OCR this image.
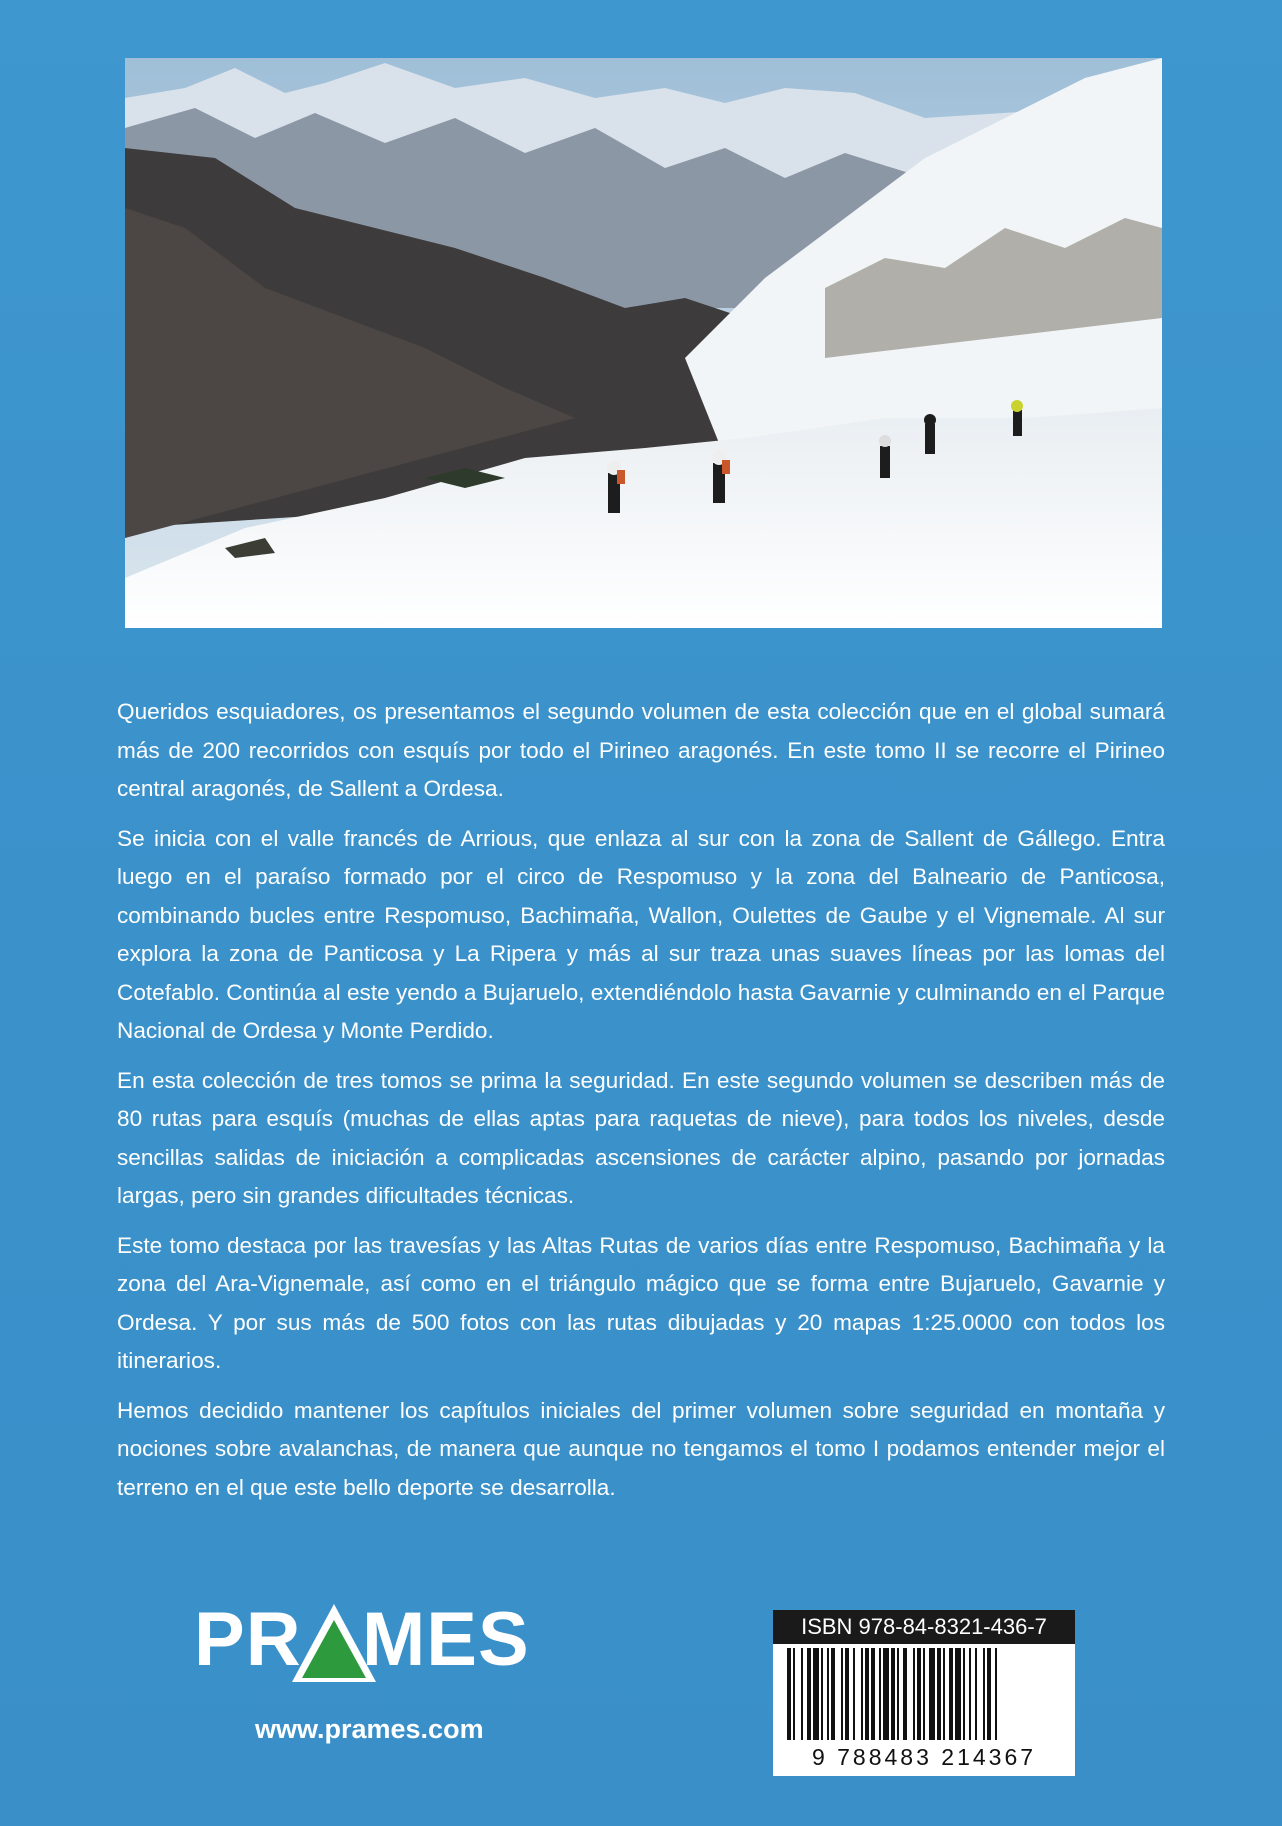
Queridos esquiadores, os presentamos el segundo volumen de esta colección que en el global sumará más de 200 recorridos con esquís por todo el Pirineo aragonés. En este tomo II se recorre el Pirineo central aragonés, de Sallent a Ordesa.

Se inicia con el valle francés de Arrious, que enlaza al sur con la zona de Sallent de Gállego. Entra luego en el paraíso formado por el circo de Respomuso y la zona del Balneario de Panticosa, combinando bucles entre Respomuso, Bachimaña, Wallon, Oulettes de Gaube y el Vignemale. Al sur explora la zona de Panticosa y La Ripera y más al sur traza unas suaves líneas por las lomas del Cotefablo. Continúa al este yendo a Bujaruelo, extendiéndolo hasta Gavarnie y culminando en el Parque Nacional de Ordesa y Monte Perdido.

En esta colección de tres tomos se prima la seguridad. En este segundo volumen se describen más de 80 rutas para esquís (muchas de ellas aptas para raquetas de nieve), para todos los niveles, desde sencillas salidas de iniciación a complicadas ascensiones de carácter alpino, pasando por jornadas largas, pero sin grandes dificultades técnicas.

Este tomo destaca por las travesías y las Altas Rutas de varios días entre Respomuso, Bachimaña y la zona del Ara-Vignemale, así como en el triángulo mágico que se forma entre Bujaruelo, Gavarnie y Ordesa. Y por sus más de 500 fotos con las rutas dibujadas y 20 mapas 1:25.0000 con todos los itinerarios.

Hemos decidido mantener los capítulos iniciales del primer volumen sobre seguridad en montaña y nociones sobre avalanchas, de manera que aunque no tengamos el tomo I podamos entender mejor el terreno en el que este bello deporte se desarrolla.

PR MES
www.prames.com
ISBN 978-84-8321-436-7
9 788483 214367
